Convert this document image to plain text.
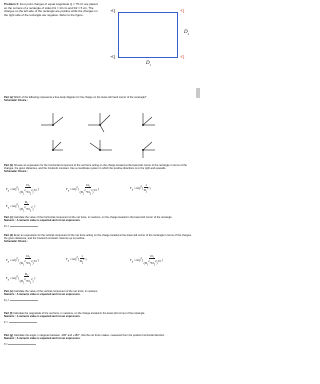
Problem 4: Four point charges of equal magnitude Q = 75 nC are placed on the corners of a rectangle of sides D1 = 13 cm and D2 = 5 cm. The charges on the left side of the rectangle are positive while the charges on the right side of the rectangle are negative. Refer to the figure.
+Q	-Q
+Q	-Q
$D_2$
$D_1$
Part (a) Which of the following represents a free-body diagram for the charge on the lower-left hand corner of the rectangle?
Schematic Choice :
Part (b) Choose an expression for the horizontal component of the net force acting on the charge located at the lower-left corner of the rectangle in terms of the charges, the given distances, and the Coulomb constant. Use a coordinate system in which the positive directions is to the right and upwards.
Schematic Choice :
$F_x = kQ^2$[ $D_1$
$(D_1^2+D_2^2)^{3/2}$ ]	$F_x = kQ^2$[ $D_2$
$(D_1^2+D_2^2)^{3/2}$ ]	$F_x = kQ^2$[ 1
$D_1^2$ ]
$F_x = kQ^2$[ $D_1$
$(D_1^2+D_2^2)$ ]
Part (c) Calculate the value of the horizontal component of the net force, in newtons, on the charge located in the lower-left corner of the rectangle.
Numeric : A numeric value is expected and not an expression.
Fx =
Part (d) Enter an expression for the vertical component of the net force acting on the charge located at the lower-left corner of the rectangle in terms of the charges, the given distances, and the Coulomb constant. Assume up is positive.
Schematic Choice :
$F_y = kQ^2$[ $D_2$
$(D_1^2+D_2^2)^{3/2}$ ]	$F_y = kQ^2$[ 1
$D_2^2$ ]	$F_y = kQ^2$[ $D_1$
$(D_1^2+D_2^2)^{3/2}$ ]
$F_y = kQ^2$[ $D_2$
$(D_1^2+D_2^2)$ ]
Part (e) Calculate the value of the vertical component of the net force, in newtons.
Numeric : A numeric value is expected and not an expression.
Fy =
Part (f) Calculate the magnitude of the net force, in newtons, on the charge located in the lower-left corner of the rectangle.
Numeric : A numeric value is expected and not an expression.
F =
Part (g) Calculate the angle, in degrees between -180° and +180°, that the net force makes, measured from the positive horizontal direction.
Numeric : A numeric value is expected and not an expression.
θ =
